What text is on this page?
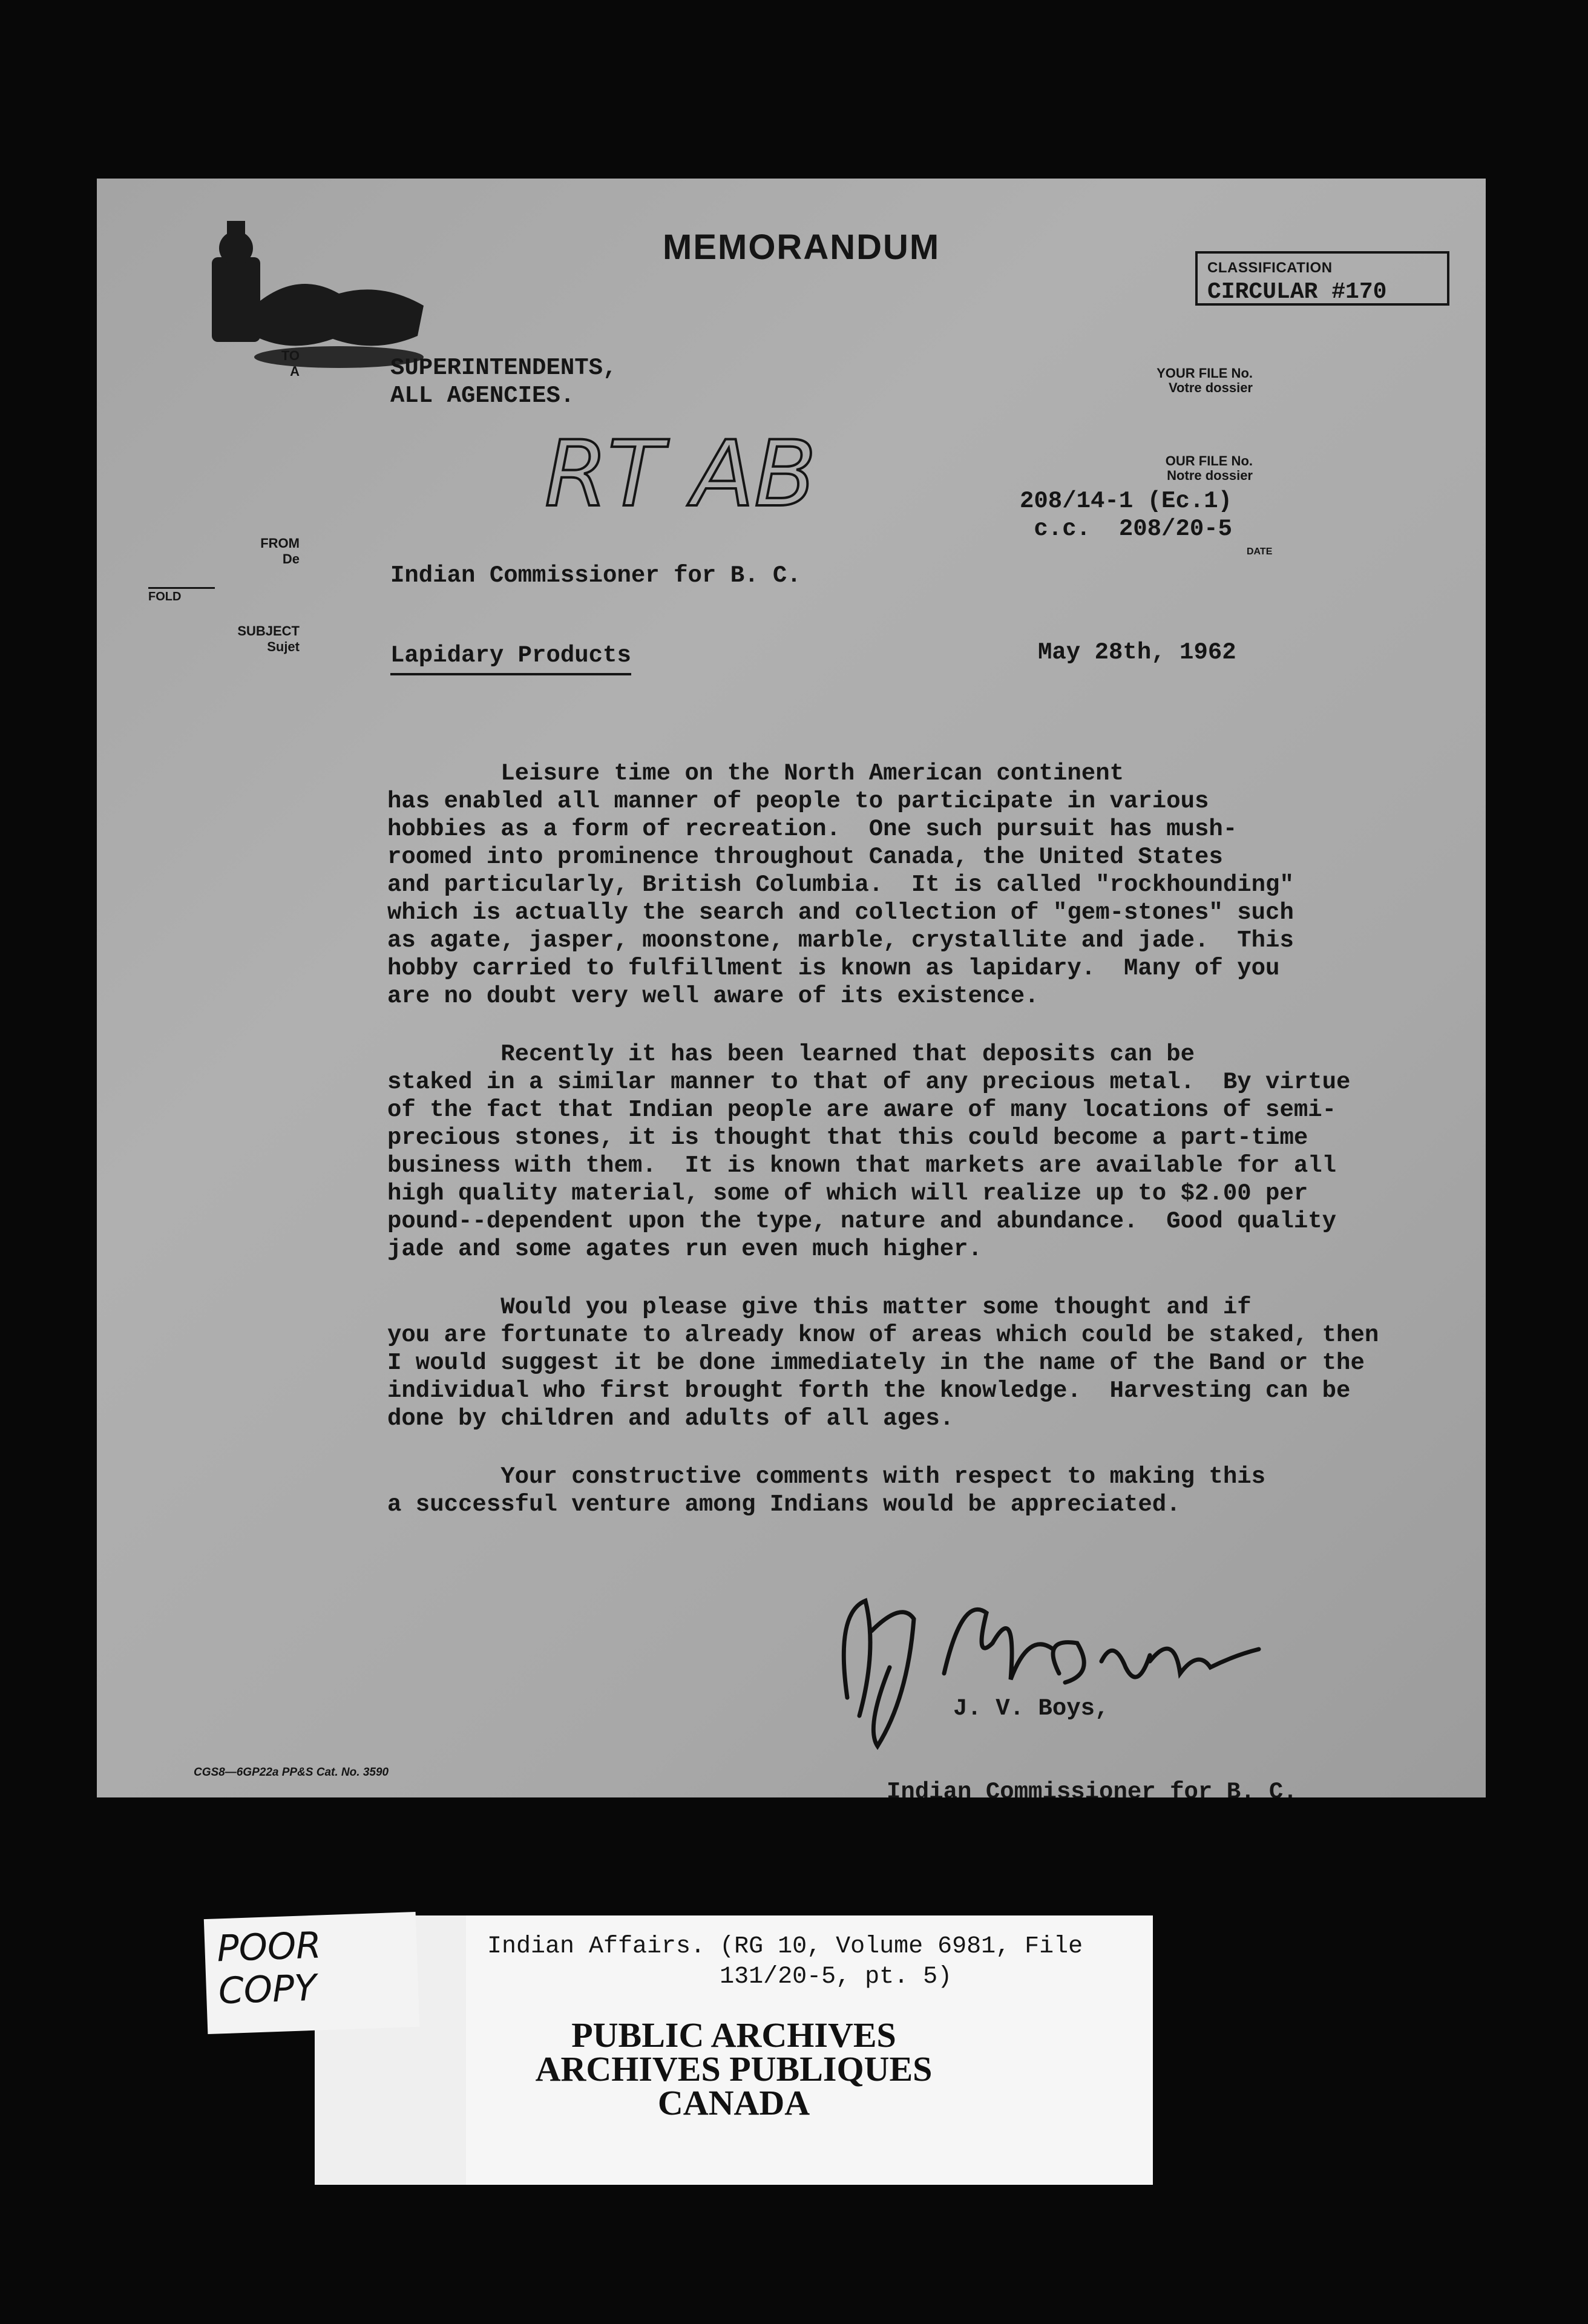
MEMORANDUM
CLASSIFICATION
CIRCULAR #170
TO
A	SUPERINTENDENTS,
ALL AGENCIES.
FROM
De
FOLD
Indian Commissioner for B. C.
SUBJECT
Sujet	Lapidary Products
YOUR FILE No.
Votre dossier
OUR FILE No.
Notre dossier
208/14-1 (Ec.1)
c.c.  208/20-5
DATE
May 28th, 1962
RT AB

Leisure time on the North American continent
has enabled all manner of people to participate in various
hobbies as a form of recreation.  One such pursuit has mush-
roomed into prominence throughout Canada, the United States
and particularly, British Columbia.  It is called "rockhounding"
which is actually the search and collection of "gem-stones" such
as agate, jasper, moonstone, marble, crystallite and jade.  This
hobby carried to fulfillment is known as lapidary.  Many of you
are no doubt very well aware of its existence.

Recently it has been learned that deposits can be
staked in a similar manner to that of any precious metal.  By virtue
of the fact that Indian people are aware of many locations of semi-
precious stones, it is thought that this could become a part-time
business with them.  It is known that markets are available for all
high quality material, some of which will realize up to $2.00 per
pound--dependent upon the type, nature and abundance.  Good quality
jade and some agates run even much higher.

Would you please give this matter some thought and if
you are fortunate to already know of areas which could be staked, then
I would suggest it be done immediately in the name of the Band or the
individual who first brought forth the knowledge.  Harvesting can be
done by children and adults of all ages.

Your constructive comments with respect to making this
a successful venture among Indians would be appreciated.

J. V. Boys,

Indian Commissioner for B. C.

CGS8—6GP22a PP&S Cat. No. 3590
Indian Affairs. (RG 10, Volume 6981, File
131/20-5, pt. 5)
PUBLIC ARCHIVES
ARCHIVES PUBLIQUES
CANADA
POOR
COPY
